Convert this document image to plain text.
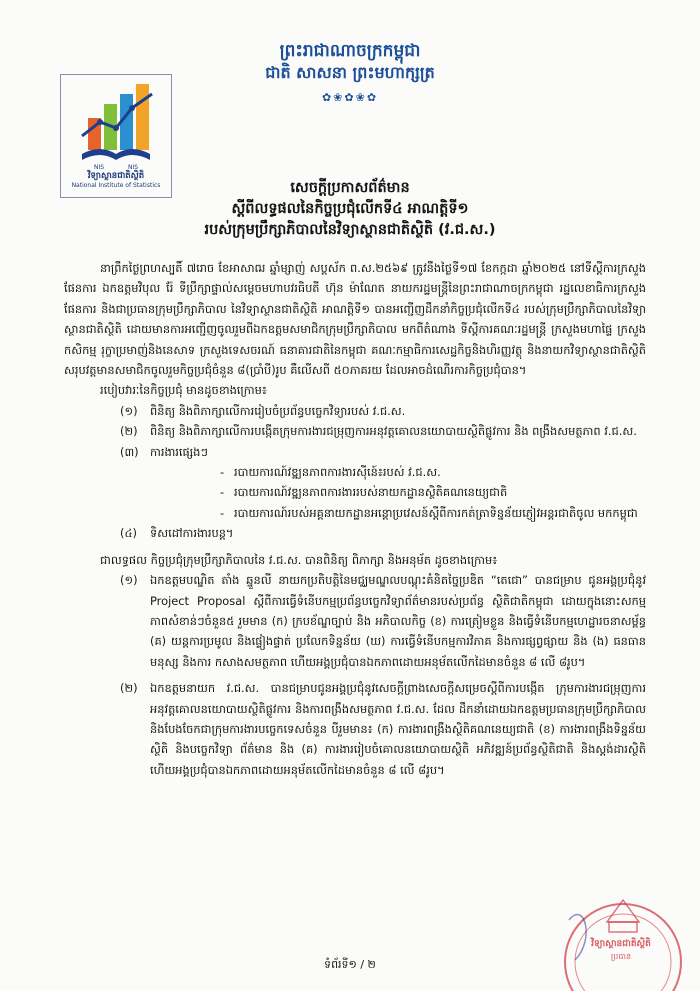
ព្រះរាជាណាចក្រកម្ពុជា
ជាតិ សាសនា ព្រះមហាក្សត្រ
✿❀✿❀✿
NIS	NIS
វិទ្យាស្ថានជាតិស្ថិតិ
National Institute of Statistics	សេចក្តីប្រកាសព័ត៌មាន
ស្តីពីលទ្ធផលនៃកិច្ចប្រជុំលើកទី៤ អាណត្តិទី១
របស់ក្រុមប្រឹក្សាភិបាលនៃវិទ្យាស្ថានជាតិស្ថិតិ (វ.ជ.ស.)

នាព្រឹកថ្ងៃព្រហស្បតិ៍ ៧រោច ខែអាសាឍ ឆ្នាំម្សាញ់ សប្តស័ក ព.ស.២៥៦៩ ត្រូវនឹងថ្ងៃទី១៧ ខែកក្កដា ឆ្នាំ២០២៥ នៅទីស្តីការក្រសួងផែនការ ឯកឧត្តមវិបុល រ៉ែ ទីប្រឹក្សាផ្ទាល់សម្តេចមហាបវរធិបតី ហ៊ុន ម៉ាណែត នាយករដ្ឋមន្ត្រីនៃព្រះរាជាណាចក្រកម្ពុជា រដ្ឋលេខាធិការក្រសួងផែនការ និងជាប្រធានក្រុមប្រឹក្សាភិបាល នៃវិទ្យាស្ថានជាតិស្ថិតិ អាណត្តិទី១ បានអញ្ជើញដឹកនាំកិច្ចប្រជុំលើកទី៤ របស់ក្រុមប្រឹក្សាភិបាលនៃវិទ្យាស្ថានជាតិស្ថិតិ ដោយមានការអញ្ជើញចូលរួមពីឯកឧត្តមសមាជិកក្រុមប្រឹក្សាភិបាល មកពីតំណាង ទីស្តីការគណៈរដ្ឋមន្ត្រី ក្រសួងមហាផ្ទៃ ក្រសួងកសិកម្ម រុក្ខាប្រមាញ់និងនេសាទ ក្រសួងទេសចរណ៍ ធនាគារជាតិនៃកម្ពុជា គណៈកម្មាធិការសេដ្ឋកិច្ចនិងហិរញ្ញវត្ថុ និងនាយកវិទ្យាស្ថានជាតិស្ថិតិ សរុបវត្តមានសមាជិកចូលរួមកិច្ចប្រជុំចំនួន ៨(ប្រាំបី)រូប គឺលើសពី ៥០ភាគរយ ដែលអាចដំណើរការកិច្ចប្រជុំបាន។

របៀបវារៈនៃកិច្ចប្រជុំ មានដូចខាងក្រោម៖

(១)	ពិនិត្យ និងពិភាក្សាលើការរៀបចំប្រព័ន្ធបច្ចេកវិទ្យារបស់ វ.ជ.ស.
(២)	ពិនិត្យ និងពិភាក្សាលើការបង្កើតក្រុមការងារជម្រុញការអនុវត្តគោលនយោបាយស្ថិតិផ្លូវការ និង ពង្រឹងសមត្ថភាព វ.ជ.ស.
(៣) ការងារផ្សេងៗ
- របាយការណ៍វឌ្ឍនភាពការងារស៊ីនេ៍៖របស់ វ.ជ.ស.
- របាយការណ៍វឌ្ឍនភាពការងាររបស់នាយកដ្ឋានស្ថិតិគណនេយ្យជាតិ
- របាយការណ៍របស់អគ្គនាយកដ្ឋានអន្តោប្រវេសន៍ស្តីពីការកត់ត្រាទិន្នន័យភ្ញៀវអន្តរជាតិចូល មកកម្ពុជា
(៤)	ទិសដៅការងារបន្ត។

ជាលទ្ធផល កិច្ចប្រជុំក្រុមប្រឹក្សាភិបាលនៃ វ.ជ.ស. បានពិនិត្យ ពិភាក្សា និងអនុម័ត ដូចខាងក្រោម៖

(១)	ឯកឧត្តមបណ្ឌិត តាំង ឆ្នួនលី នាយកប្រតិបត្តិនៃមជ្ឈមណ្ឌលបណ្តុះគំនិតច្នៃប្រឌិត “តេជោ” បានជម្រាប ជូនអង្គប្រជុំនូវ Project Proposal ស្តីពីការធ្វើទំនើបកម្មប្រព័ន្ធបច្ចេកវិទ្យាព័ត៌មានរបស់ប្រព័ន្ធ ស្ថិតិជាតិកម្ពុជា ដោយក្នុងនោះសកម្មភាពសំខាន់ៗចំនួន៥ រួមមាន (ក) ក្របខ័ណ្ឌច្បាប់ និង អភិបាលកិច្ច (ខ) ការត្រៀមខ្លួន និងធ្វើទំនើបកម្មហេដ្ឋារចនាសម្ព័ន្ធ (គ) យន្តការប្រមូល និងផ្ទៀងផ្ទាត់ ប្រលែកទិន្នន័យ (ឃ) ការធ្វើទំនើបកម្មការវិភាគ និងការផ្សព្វផ្សាយ និង (ង) ធនធានមនុស្ស និងការ កសាងសមត្ថភាព ហើយអង្គប្រជុំបានឯកភាពដោយអនុម័តលើកដៃមានចំនួន ៨ លើ ៨រូប។
(២)	ឯកឧត្តមនាយក វ.ជ.ស. បានជម្រាបជូនអង្គប្រជុំនូវសេចក្តីព្រាងសេចក្តីសម្រេចស្តីពីការបង្កើត ក្រុមការងារជម្រុញការអនុវត្តគោលនយោបាយស្ថិតិផ្លូវការ និងការពង្រឹងសមត្ថភាព វ.ជ.ស. ដែល ដឹកនាំដោយឯកឧត្តមប្រធានក្រុមប្រឹក្សាភិបាល និងបែងចែកជាក្រុមការងារបច្ចេកទេសចំនួន បីរួមមាន៖ (ក) ការងារពង្រឹងស្ថិតិគណនេយ្យជាតិ (ខ) ការងារពង្រឹងទិន្នន័យស្ថិតិ និងបច្ចេកវិទ្យា ព័ត៌មាន និង (គ) ការងាររៀបចំគោលនយោបាយស្ថិតិ អភិវឌ្ឍន៍ប្រព័ន្ធស្ថិតិជាតិ និងស្តង់ដារស្ថិតិ ហើយអង្គប្រជុំបានឯកភាពដោយអនុម័តលើកដៃមានចំនួន ៨ លើ ៨រូប។
វិទ្យាស្ថានជាតិស្ថិតិ
ប្រធាន
ទំព័រទី១ / ២
